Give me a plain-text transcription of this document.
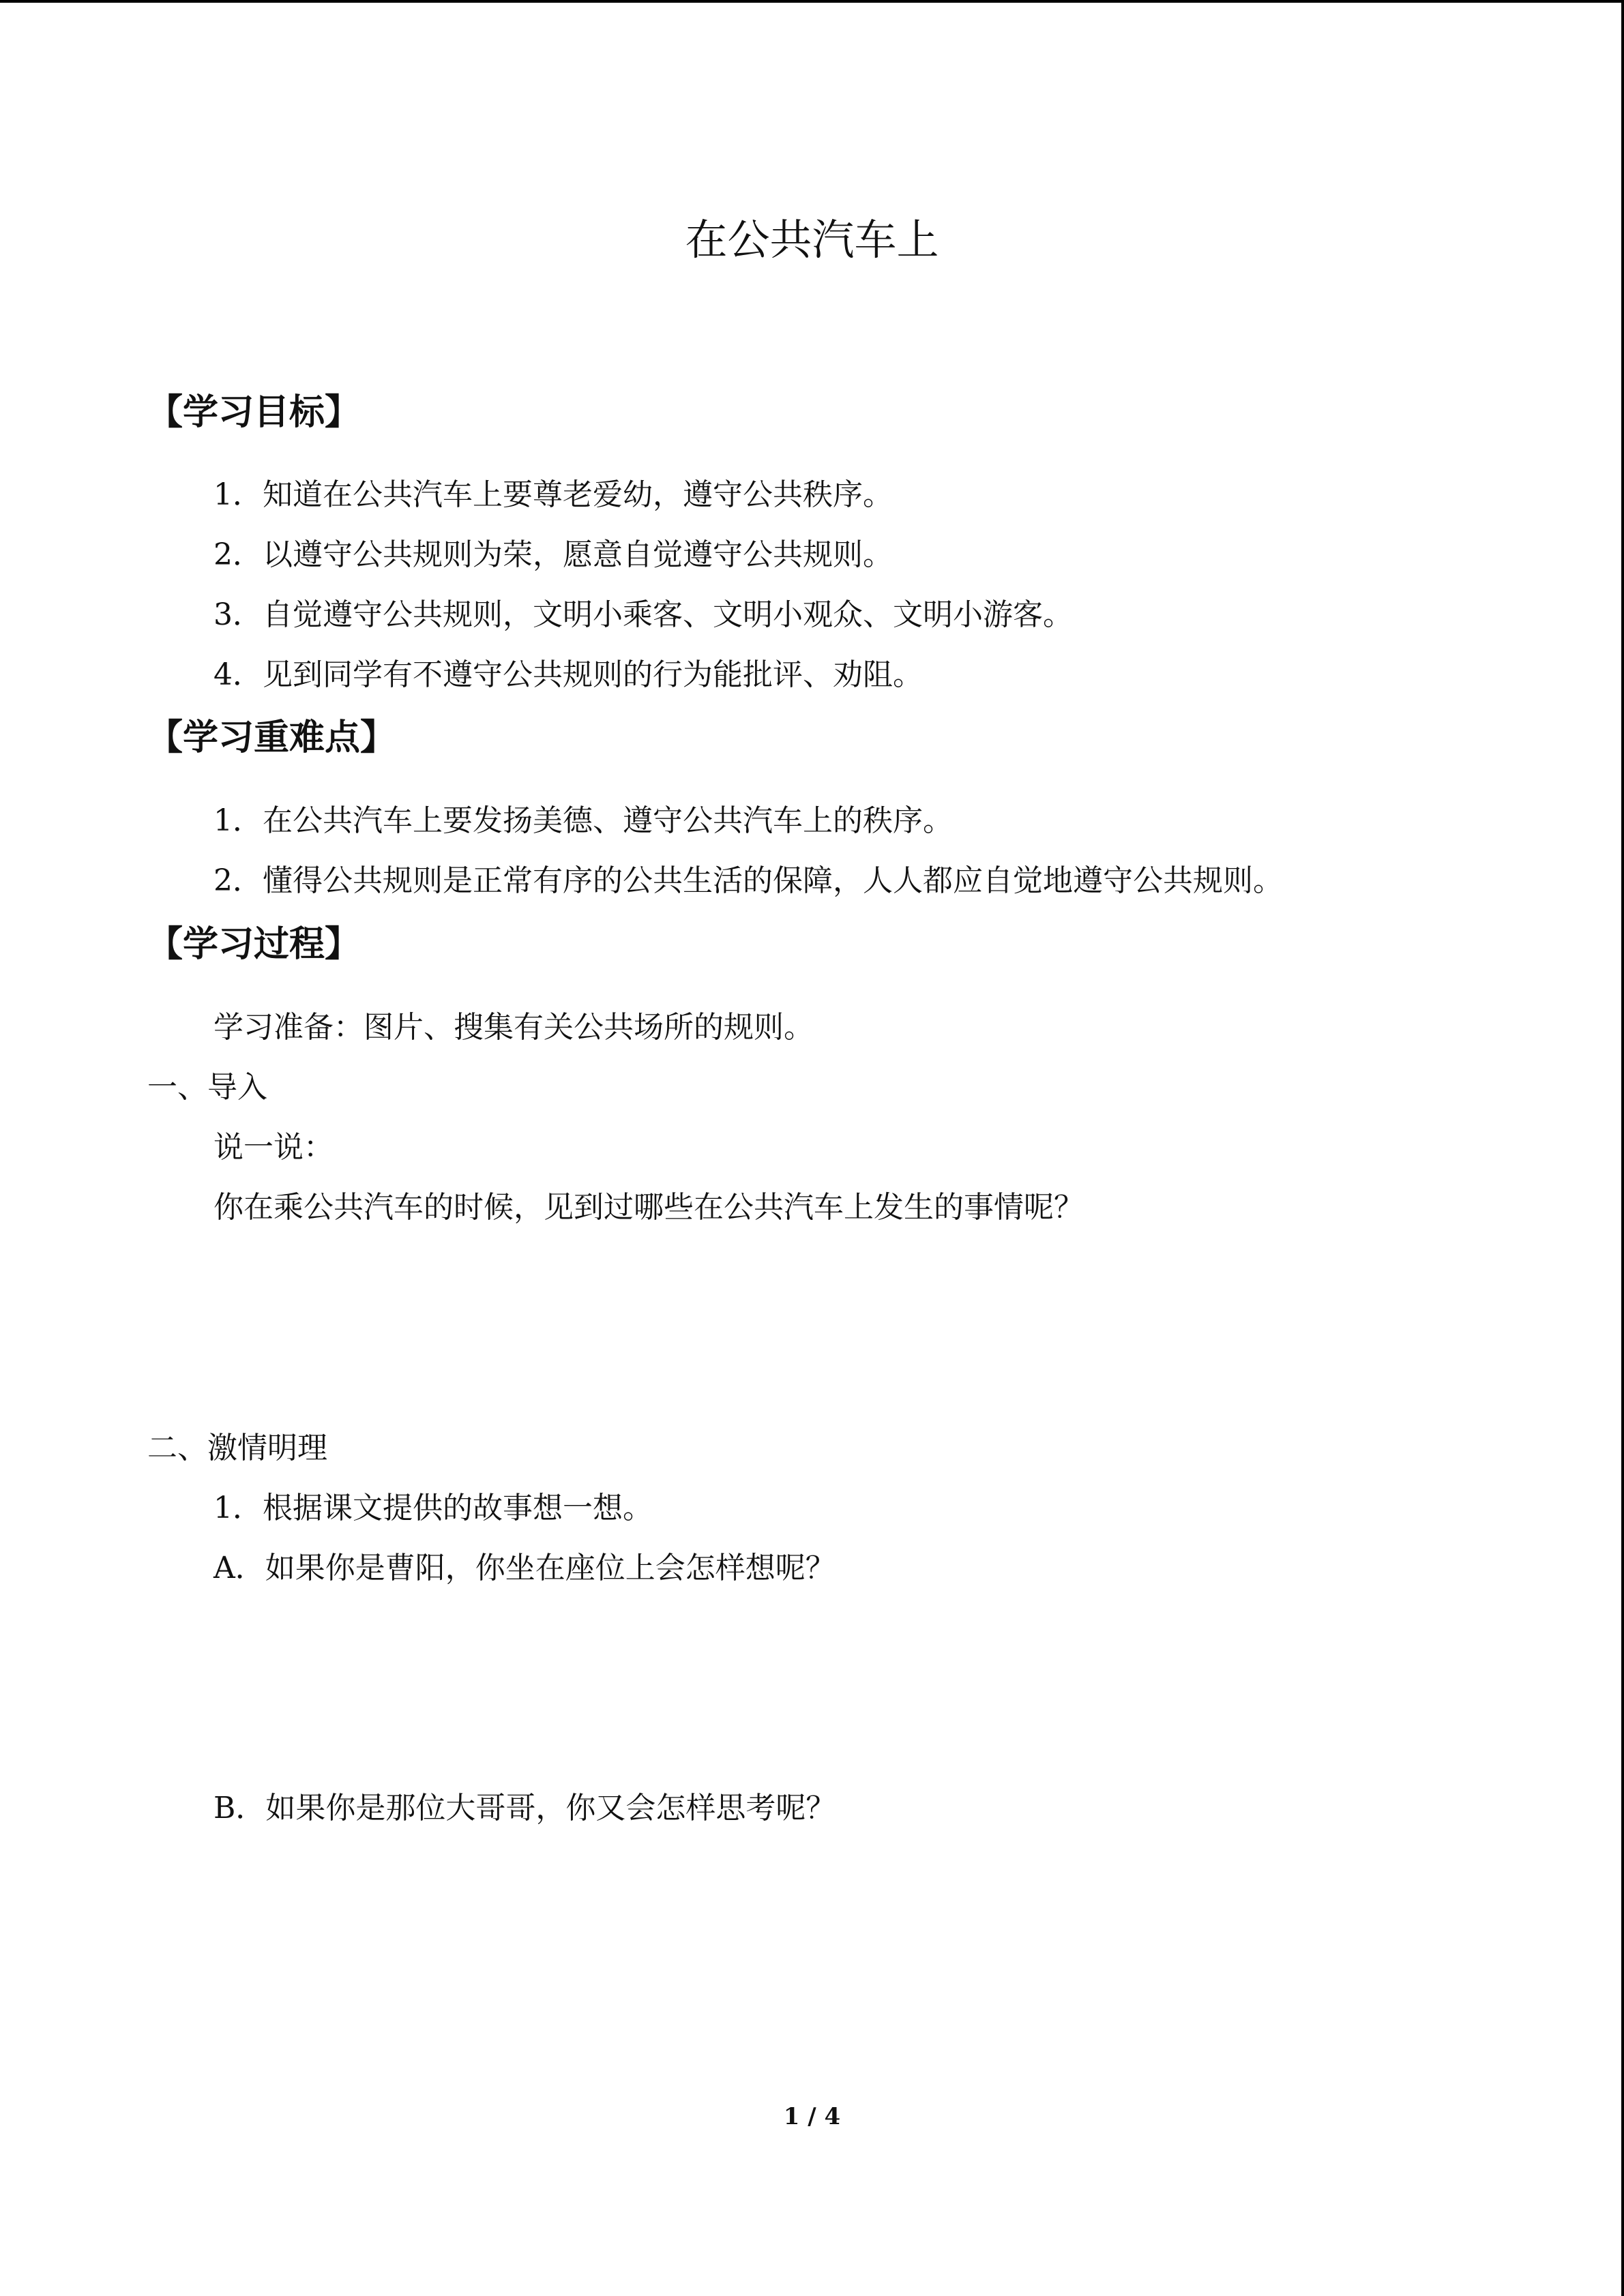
在公共汽车上
【学习目标】
1．知道在公共汽车上要尊老爱幼，遵守公共秩序。
2．以遵守公共规则为荣，愿意自觉遵守公共规则。
3．自觉遵守公共规则，文明小乘客、文明小观众、文明小游客。
4．见到同学有不遵守公共规则的行为能批评、劝阻。
【学习重难点】
1．在公共汽车上要发扬美德、遵守公共汽车上的秩序。
2．懂得公共规则是正常有序的公共生活的保障，人人都应自觉地遵守公共规则。
【学习过程】
学习准备：图片、搜集有关公共场所的规则。
一、导入
说一说：
你在乘公共汽车的时候，见到过哪些在公共汽车上发生的事情呢？
二、激情明理
1．根据课文提供的故事想一想。
A．如果你是曹阳，你坐在座位上会怎样想呢？
B．如果你是那位大哥哥，你又会怎样思考呢？
1 / 4
